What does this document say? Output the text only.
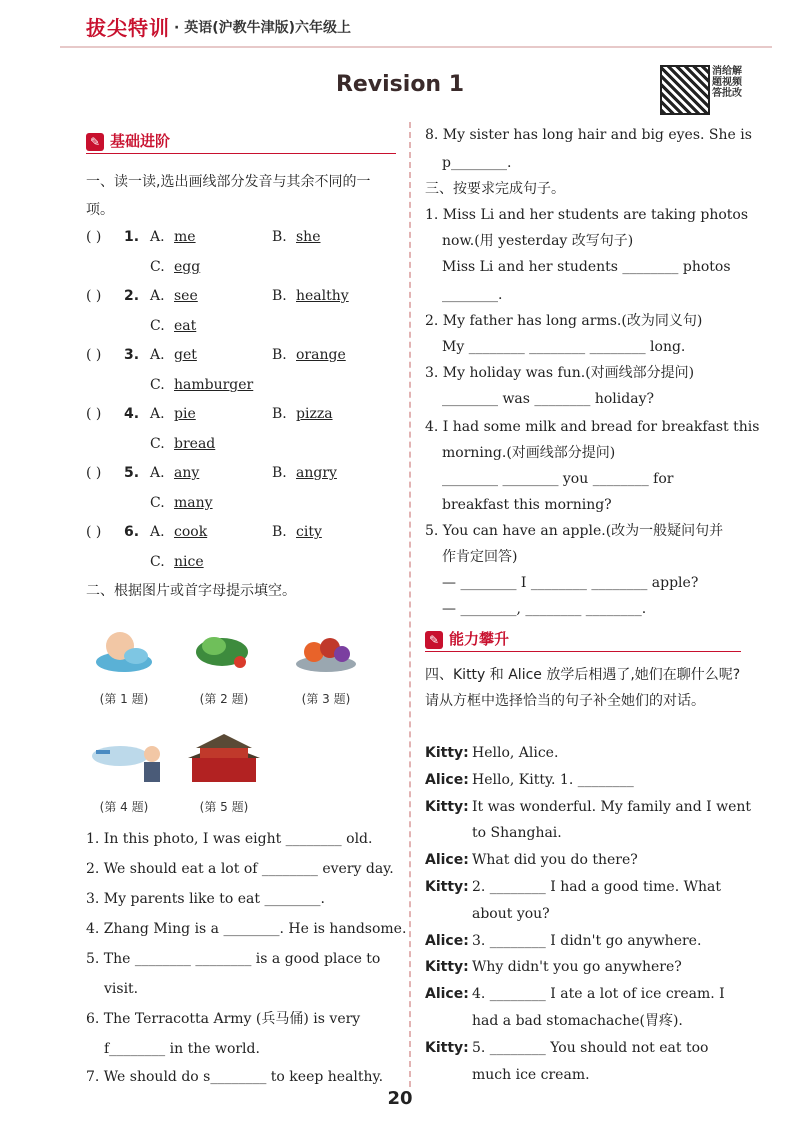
拔尖特训 · 英语(沪教牛津版)六年级上
Revision 1
消给解题视频答批改
✎ 基础进阶
一、读一读,选出画线部分发音与其余不同的一项。
( ) 1. A. me	B. she
C. egg
( ) 2. A. see	B. healthy
C. eat
( ) 3. A. get	B. orange
C. hamburger
( ) 4. A. pie	B. pizza
C. bread
( ) 5. A. any	B. angry
C. many
( ) 6. A. cook	B. city
C. nice
二、根据图片或首字母提示填空。
(第 1 题)	(第 2 题)	(第 3 题)
(第 4 题)	(第 5 题)
1. In this photo, I was eight ________ old.
2. We should eat a lot of ________ every day.
3. My parents like to eat ________.
4. Zhang Ming is a ________. He is handsome.
5. The ________ ________ is a good place to
visit.
6. The Terracotta Army (兵马俑) is very
f________ in the world.
7. We should do s________ to keep healthy.
8. My sister has long hair and big eyes. She is
p________.
三、按要求完成句子。
1. Miss Li and her students are taking photos
now.(用 yesterday 改写句子)
Miss Li and her students ________ photos
________.
2. My father has long arms.(改为同义句)
My ________ ________ ________ long.
3. My holiday was fun.(对画线部分提问)
________ was ________ holiday?
4. I had some milk and bread for breakfast this
morning.(对画线部分提问)
________ ________ you ________ for
breakfast this morning?
5. You can have an apple.(改为一般疑问句并
作肯定回答)
— ________ I ________ ________ apple?
— ________, ________ ________.
✎ 能力攀升
四、Kitty 和 Alice 放学后相遇了,她们在聊什么呢?请从方框中选择恰当的句子补全她们的对话。
Kitty: Hello, Alice.
Alice: Hello, Kitty. 1. ________
Kitty: It was wonderful. My family and I went
to Shanghai.
Alice: What did you do there?
Kitty: 2. ________ I had a good time. What
about you?
Alice: 3. ________ I didn't go anywhere.
Kitty: Why didn't you go anywhere?
Alice: 4. ________ I ate a lot of ice cream. I
had a bad stomachache(胃疼).
Kitty: 5. ________ You should not eat too
much ice cream.
20
